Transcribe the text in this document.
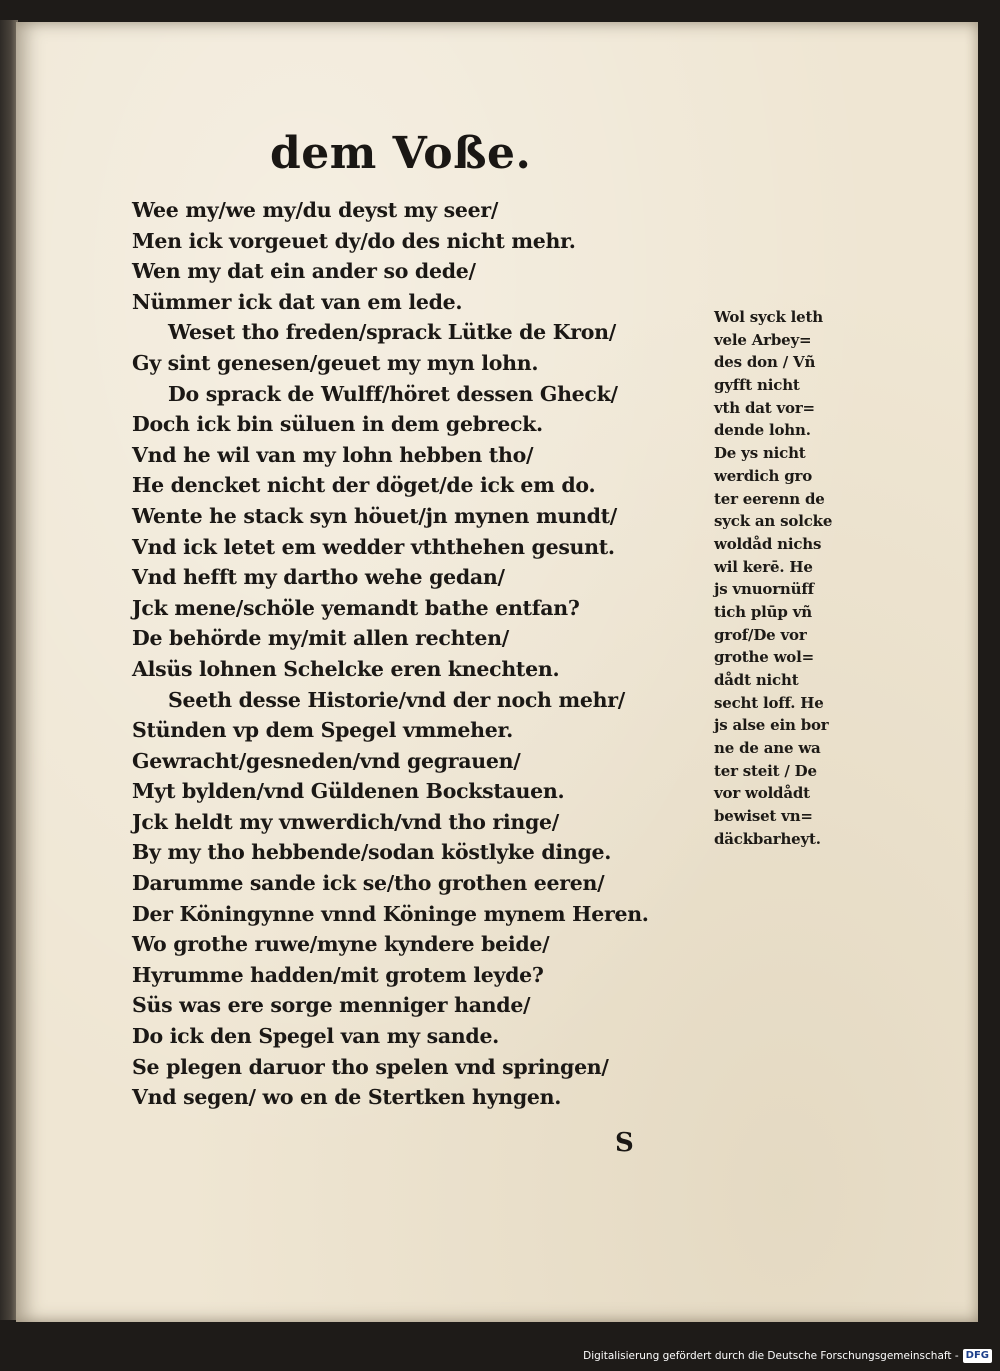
dem Voße.
Wee my/we my/du deyst my seer/
Men ick vorgeuet dy/do des nicht mehr.
Wen my dat ein ander so dede/
Nümmer ick dat van em lede.
Weset tho freden/sprack Lütke de Kron/
Gy sint genesen/geuet my myn lohn.
Do sprack de Wulff/höret dessen Gheck/
Doch ick bin süluen in dem gebreck.
Vnd he wil van my lohn hebben tho/
He dencket nicht der döget/de ick em do.
Wente he stack syn höuet/jn mynen mundt/
Vnd ick letet em wedder vththehen gesunt.
Vnd hefft my dartho wehe gedan/
Jck mene/schöle yemandt bathe entfan?
De behörde my/mit allen rechten/
Alsüs lohnen Schelcke eren knechten.
Seeth desse Historie/vnd der noch mehr/
Stünden vp dem Spegel vmmeher.
Gewracht/gesneden/vnd gegrauen/
Myt bylden/vnd Güldenen Bockstauen.
Jck heldt my vnwerdich/vnd tho ringe/
By my tho hebbende/sodan köstlyke dinge.
Darumme sande ick se/tho grothen eeren/
Der Köningynne vnnd Köninge mynem Heren.
Wo grothe ruwe/myne kyndere beide/
Hyrumme hadden/mit grotem leyde?
Süs was ere sorge menniger hande/
Do ick den Spegel van my sande.
Se plegen daruor tho spelen vnd springen/
Vnd segen/ wo en de Stertken hyngen.
Wol syck leth
vele Arbey=
des don / Vñ
gyfft nicht
vth dat vor=
dende lohn.
De ys nicht
werdich gro
ter eerenn de
syck an solcke
woldåd nichs
wil kerē. He
js vnuornüff
tich plūp vñ
grof/De vor
grothe wol=
dådt nicht
secht loff. He
js alse ein bor
ne de ane wa
ter steit / De
vor woldådt
bewiset vn=
däckbarheyt.
S
Digitalisierung gefördert durch die Deutsche Forschungsgemeinschaft - DFG
